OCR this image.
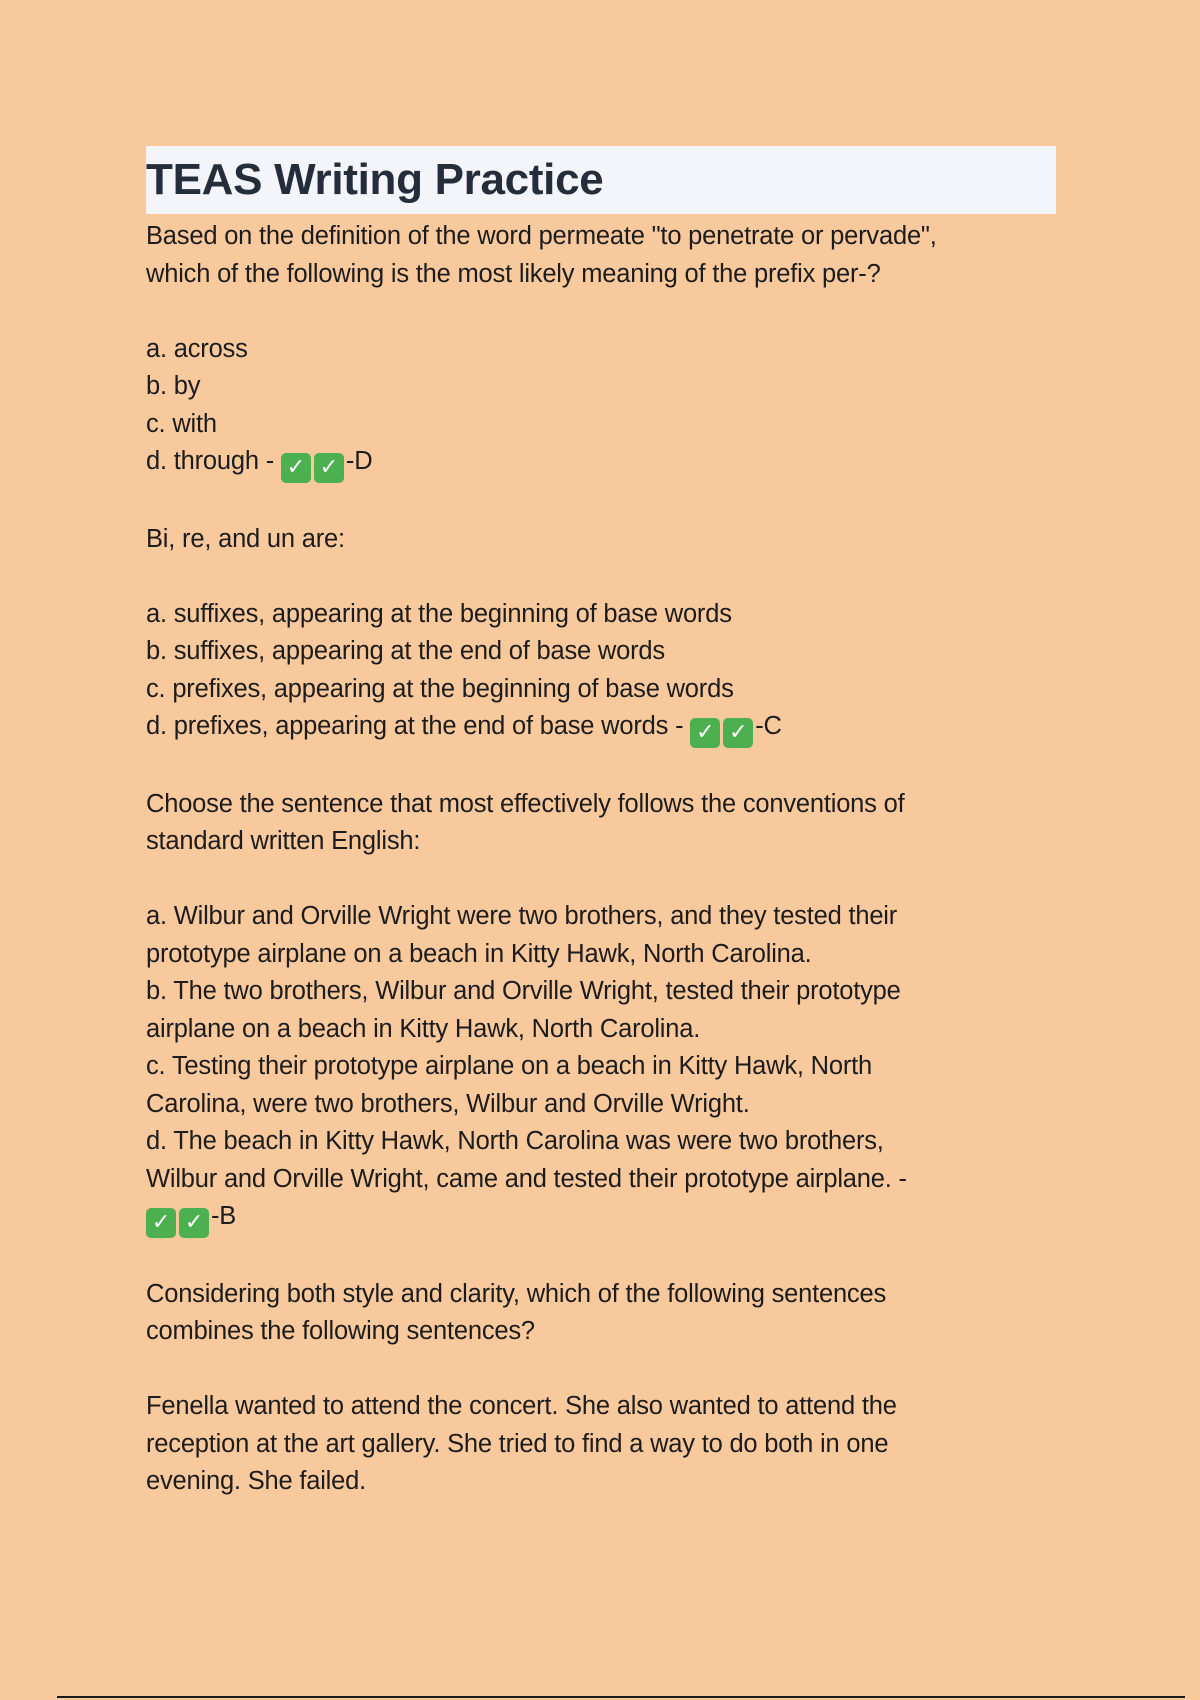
TEAS Writing Practice
Based on the definition of the word permeate "to penetrate or pervade",
which of the following is the most likely meaning of the prefix per-?
a. across
b. by
c. with
d. through - ✓ ✓ -D
Bi, re, and un are:
a. suffixes, appearing at the beginning of base words
b. suffixes, appearing at the end of base words
c. prefixes, appearing at the beginning of base words
d. prefixes, appearing at the end of base words - ✓ ✓ -C
Choose the sentence that most effectively follows the conventions of
standard written English:
a. Wilbur and Orville Wright were two brothers, and they tested their
prototype airplane on a beach in Kitty Hawk, North Carolina.
b. The two brothers, Wilbur and Orville Wright, tested their prototype
airplane on a beach in Kitty Hawk, North Carolina.
c. Testing their prototype airplane on a beach in Kitty Hawk, North
Carolina, were two brothers, Wilbur and Orville Wright.
d. The beach in Kitty Hawk, North Carolina was were two brothers,
Wilbur and Orville Wright, came and tested their prototype airplane. -
✓ ✓ -B
Considering both style and clarity, which of the following sentences
combines the following sentences?
Fenella wanted to attend the concert. She also wanted to attend the
reception at the art gallery. She tried to find a way to do both in one
evening. She failed.
